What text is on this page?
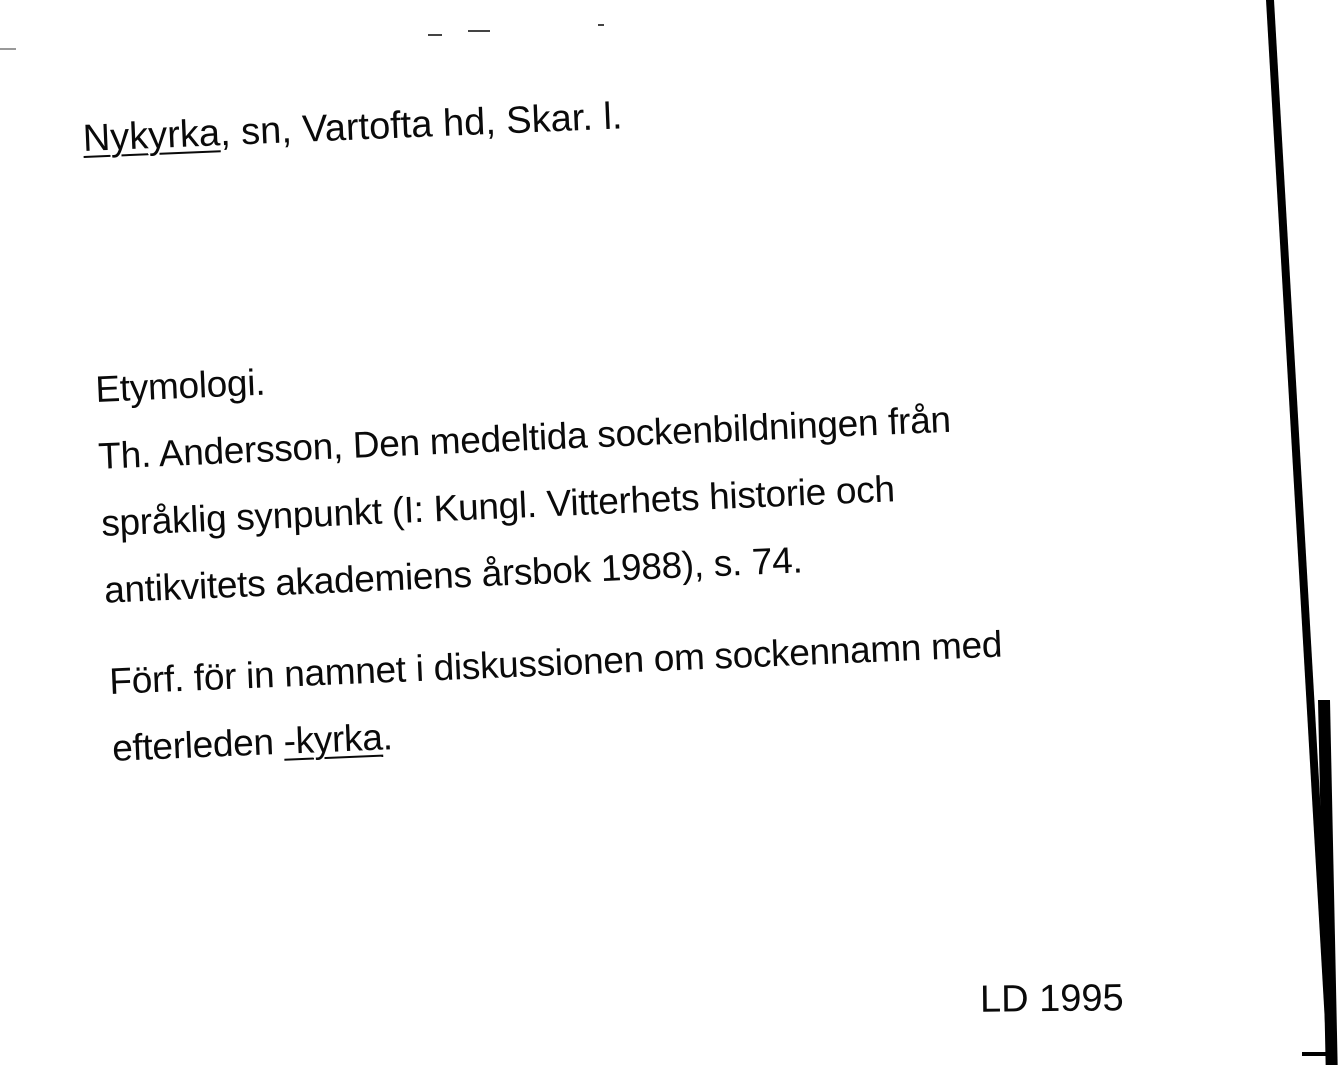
Nykyrka, sn, Vartofta hd, Skar. l.
Etymologi.
Th. Andersson, Den medeltida sockenbildningen från
språklig synpunkt (I: Kungl. Vitterhets historie och
antikvitets akademiens årsbok 1988), s. 74.
Förf. för in namnet i diskussionen om sockennamn med
efterleden -kyrka.
LD 1995
